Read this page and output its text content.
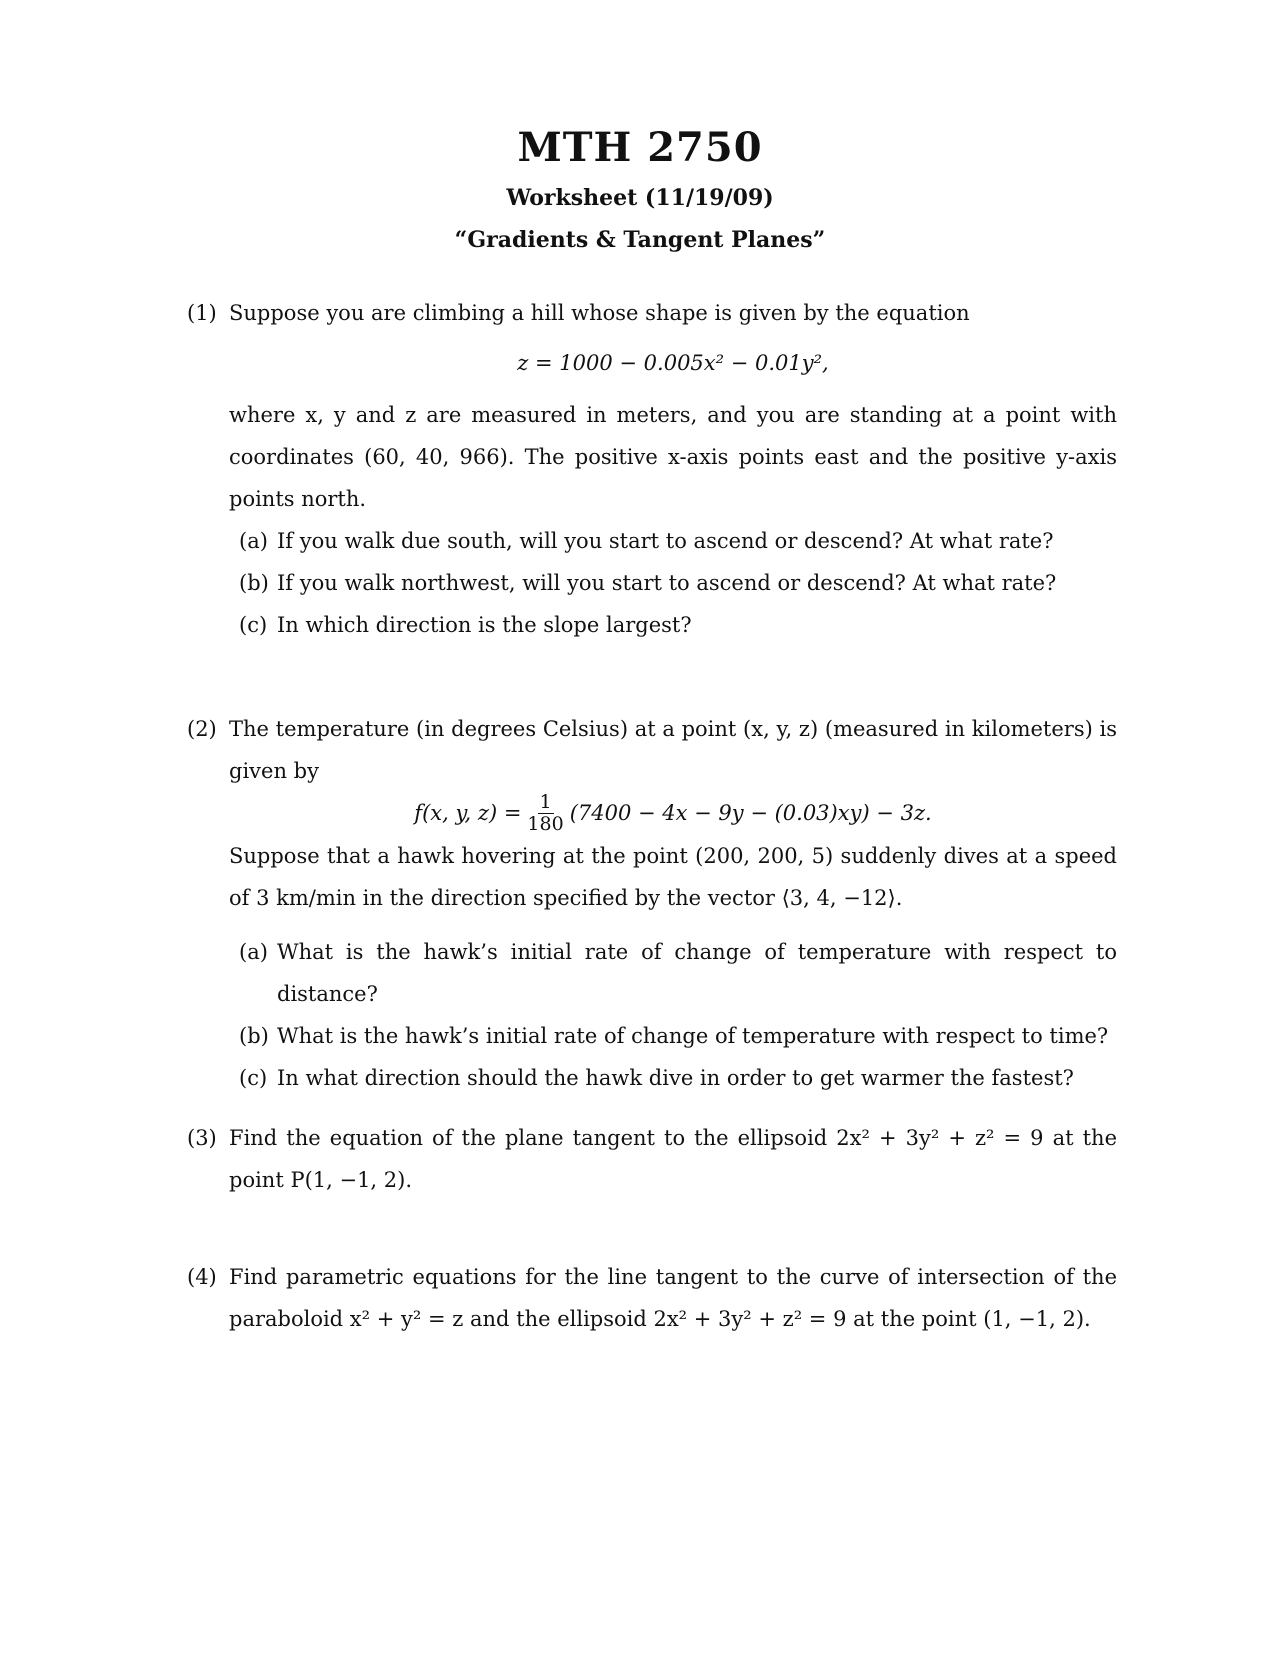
MTH 2750
Worksheet (11/19/09)
“Gradients & Tangent Planes”
(1) Suppose you are climbing a hill whose shape is given by the equation
z = 1000 − 0.005x² − 0.01y²,
where x, y and z are measured in meters, and you are standing at a point with coordinates (60, 40, 966). The positive x-axis points east and the positive y-axis points north.
(a) If you walk due south, will you start to ascend or descend? At what rate?
(b) If you walk northwest, will you start to ascend or descend? At what rate?
(c) In which direction is the slope largest?
(2) The temperature (in degrees Celsius) at a point (x, y, z) (measured in kilometers) is given by
f(x, y, $z) = \frac{1}{180} (7400 - 4x - 9y - (0.03)xy) - 3z$.
Suppose that a hawk hovering at the point (200, 200, 5) suddenly dives at a speed of 3 km/min in the direction specified by the vector ⟨3, 4, −12⟩.
(a) What is the hawk’s initial rate of change of temperature with respect to distance?
(b) What is the hawk’s initial rate of change of temperature with respect to time?
(c) In what direction should the hawk dive in order to get warmer the fastest?
(3) Find the equation of the plane tangent to the ellipsoid 2x² + 3y² + z² = 9 at the point P(1, −1, 2).
(4) Find parametric equations for the line tangent to the curve of intersection of the paraboloid x² + y² = z and the ellipsoid 2x² + 3y² + z² = 9 at the point (1, −1, 2).
